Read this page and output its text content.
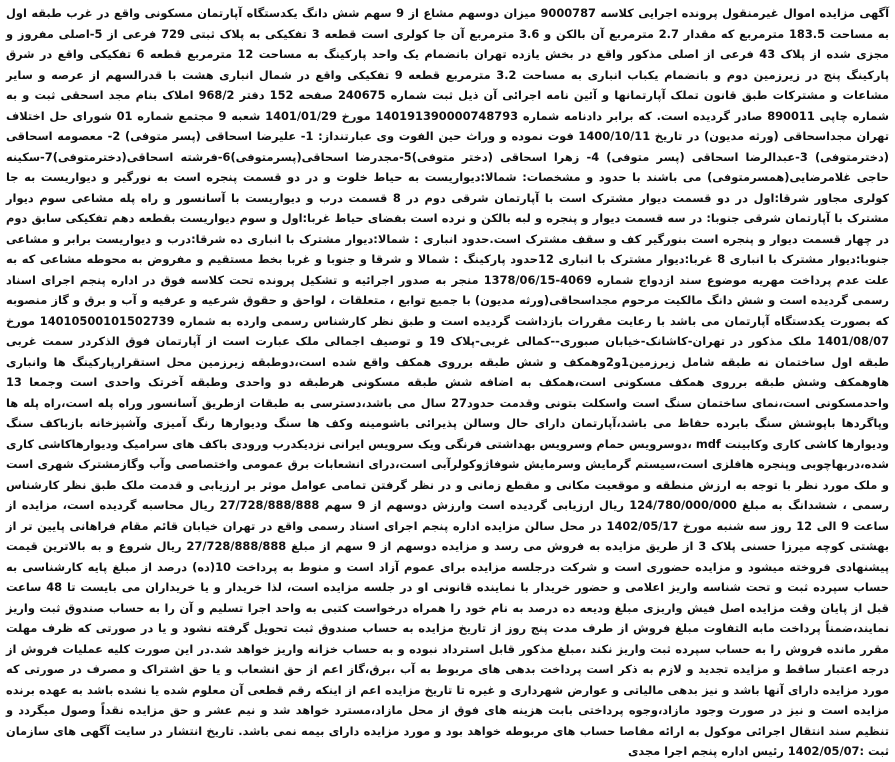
آگهی مزایده اموال غیرمنقول پرونده اجرایی کلاسه 9000787 میزان دوسهم مشاع از 9 سهم شش دانگ یکدستگاه آپارتمان مسکونی واقع در غرب طبقه اول به مساحت 183.5 مترمربع که مقدار 2.7 مترمربع آن بالکن و 3.6 مترمربع آن جا کولری است قطعه 3 تفکیکی به پلاک ثبتی 729 فرعی از 5-اصلی مفروز و مجزی شده از پلاک 43 فرعی از اصلی مذکور واقع در بخش یازده تهران بانضمام یک واحد پارکینگ به مساحت 12 مترمربع قطعه 6 تفکیکی واقع در شرق پارکینگ پنج در زیرزمین دوم و بانضمام یکباب انباری به مساحت 3.2 مترمربع قطعه 9 تفکیکی واقع در شمال انباری هشت با قدرالسهم از عرصه و سایر مشاعات و مشترکات طبق قانون تملک آپارتمانها و آئین نامه اجرائی آن ذیل ثبت شماره 240675 صفحه 152 دفتر 968/2 املاک بنام مجد اسحقی ثبت و به شماره چاپی 890011 صادر گردیده است. که برابر دادنامه شماره 140191390000748793 مورخ 1401/01/29 شعبه 9 مجتمع شماره 01 شورای حل اختلاف تهران مجداسحاقی (ورثه مدیون) در تاریخ 1400/10/11 فوت نموده و وراث حین الفوت وی عبارتنداز: 1- علیرضا اسحاقی (پسر متوفی) 2- معصومه اسحاقی (دخترمتوفی) 3-عبدالرضا اسحاقی (پسر متوفی) 4- زهرا اسحاقی (دختر متوفی)5-مجدرضا اسحاقی(پسرمتوفی)6-فرشته اسحاقی(دخترمتوفی)7-سکینه حاجی غلامرضایی(همسرمتوفی) می باشند با حدود و مشخصات: شمالا:دیواریست به حیاط خلوت و در دو قسمت پنجره است به نورگیر و دیواریست به جا کولری مجاور شرقا:اول در دو قسمت دیوار مشترک است با آپارتمان شرقی دوم در 8 قسمت درب و دیواریست با آسانسور و راه پله مشاعی سوم دیوار مشترک با آپارتمان شرقی جنوبا: در سه قسمت دیوار و پنجره و لبه بالکن و نرده است بفضای حیاط غربا:اول و سوم دیواریست بقطعه دهم تفکیکی سابق دوم در چهار قسمت دیوار و پنجره است بنورگیر کف و سقف مشترک است.حدود انباری : شمالا:دیوار مشترک با انباری ده شرقا:درب و دیواریست برابر و مشاعی جنوبا:دیوار مشترک با انباری 8 غربا:دیوار مشترک با انباری 12حدود پارکینگ : شمالا و شرقا و جنوبا و غربا بخط مستقیم و مفروض به محوطه مشاعی که به علت عدم پرداخت مهریه موضوع سند ازدواج شماره 4069-1378/06/15 منجر به صدور اجرائیه و تشکیل پرونده تحت کلاسه فوق در اداره پنجم اجرای اسناد رسمی گردیده است و شش دانگ مالکیت مرحوم مجداسحاقی(ورثه مدیون) با جمیع توابع ، متعلقات ، لواحق و حقوق شرعیه و عرفیه و آب و برق و گاز منصوبه که بصورت یکدستگاه آپارتمان می باشد با رعایت مقررات بازداشت گردیده است و طبق نظر کارشناس رسمی وارده به شماره 14010500101502739 مورخ 1401/08/07 ملک مذکور در تهران-کاشانک-خیابان صبوری--کمالی غربی-پلاک 19 و توصیف اجمالی ملک عبارت است از آپارتمان فوق الذکردر سمت غربی طبقه اول ساختمان نه طبقه شامل زیرزمین1و2وهمکف و شش طبقه برروی همکف واقع شده است،دوطبقه زیرزمین محل استقرارپارکینگ ها وانباری هاوهمکف وشش طبقه برروی همکف مسکونی است،همکف به اضافه شش طبقه مسکونی هرطبقه دو واحدی وطبقه آخرتک واحدی است وجمعا 13 واحدمسکونی است،نمای ساختمان سنگ است واسکلت بتونی وقدمت حدود27 سال می باشد،دسترسی به طبقات ازطریق آسانسور وراه پله است،راه پله ها وپاگردها باپوشش سنگ بابرده حفاظ می باشد،آپارتمان دارای حال وسالن پذیرائی باشومینه وکف ها سنگ ودیوارها رنگ آمیزی وآشپزخانه بازباکف سنگ ودیوارها کاشی کاری وکابینت mdf ،دوسرویس حمام وسرویس بهداشتی فرنگی ویک سرویس ایرانی نزدیکدرب ورودی باکف های سرامیک ودیوارهاکاشی کاری شده،دربهاچوبی وپنجره هافلزی است،سیستم گرمایش وسرمایش شوفاژوکولرآبی است،درای انشعابات برق عمومی واختصاصی وآب وگازمشترک شهری است و ملک مورد نظر با توجه به ارزش منطقه و موقعیت مکانی و مقطع زمانی و در نظر گرفتن تمامی عوامل موثر بر ارزیابی و قدمت ملک طبق نظر کارشناس رسمی ، ششدانگ به مبلغ 124/780/000/000 ریال ارزیابی گردیده است وارزش دوسهم از 9 سهم 27/728/888/888 ریال محاسبه گردیده است، مزایده از ساعت 9 الی 12 روز سه شنبه مورخ 1402/05/17 در محل سالن مزایده اداره پنجم اجرای اسناد رسمی واقع در تهران خیابان قائم مقام فراهانی پایین تر از بهشتی کوچه میرزا حسنی پلاک 3 از طریق مزایده به فروش می رسد و مزایده دوسهم از 9 سهم از مبلغ 27/728/888/888 ریال شروع و به بالاترین قیمت پیشنهادی فروخته میشود و مزایده حضوری است و شرکت درجلسه مزایده برای عموم آزاد است و منوط به پرداخت 10(ده) درصد از مبلغ پایه کارشناسی به حساب سپرده ثبت و تحت شناسه واریز اعلامی و حضور خریدار با نماینده قانونی او در جلسه مزایده است، لذا خریدار و یا خریداران می بایست تا 48 ساعت قبل از پایان وقت مزایده اصل فیش واریزی مبلغ ودیعه ده درصد به نام خود را همراه درخواست کتبی به واحد اجرا تسلیم و آن را به حساب صندوق ثبت واریز نمایند،ضمناً پرداخت مابه التفاوت مبلغ فروش از طرف مدت پنج روز از تاریخ مزایده به حساب صندوق ثبت تحویل گرفته نشود و یا در صورتی که ظرف مهلت مقرر مانده فروش را به حساب سپرده ثبت واریز نکند ،مبلغ مذکور قابل استرداد نبوده و به حساب خزانه واریز خواهد شد.در این صورت کلیه عملیات فروش از درجه اعتبار ساقط و مزایده تجدید و لازم به ذکر است پرداخت بدهی های مربوط به آب ،برق،گاز اعم از حق انشعاب و یا حق اشتراک و مصرف در صورتی که مورد مزایده دارای آنها باشد و نیز بدهی مالیاتی و عوارض شهرداری و غیره تا تاریخ مزایده اعم از اینکه رقم قطعی آن معلوم شده یا نشده باشد به عهده برنده مزایده است و نیز در صورت وجود مازاد،وجوه پرداختی بابت هزینه های فوق از محل مازاد،مسترد خواهد شد و نیم عشر و حق مزایده نقداً وصول میگردد و تنظیم سند انتقال اجرائی موکول به ارائه مفاصا حساب های مربوطه خواهد بود و مورد مزایده دارای بیمه نمی باشد. تاریخ انتشار در سایت آگهی های سازمان ثبت :1402/05/07 رئیس اداره پنجم اجرا مجدی
